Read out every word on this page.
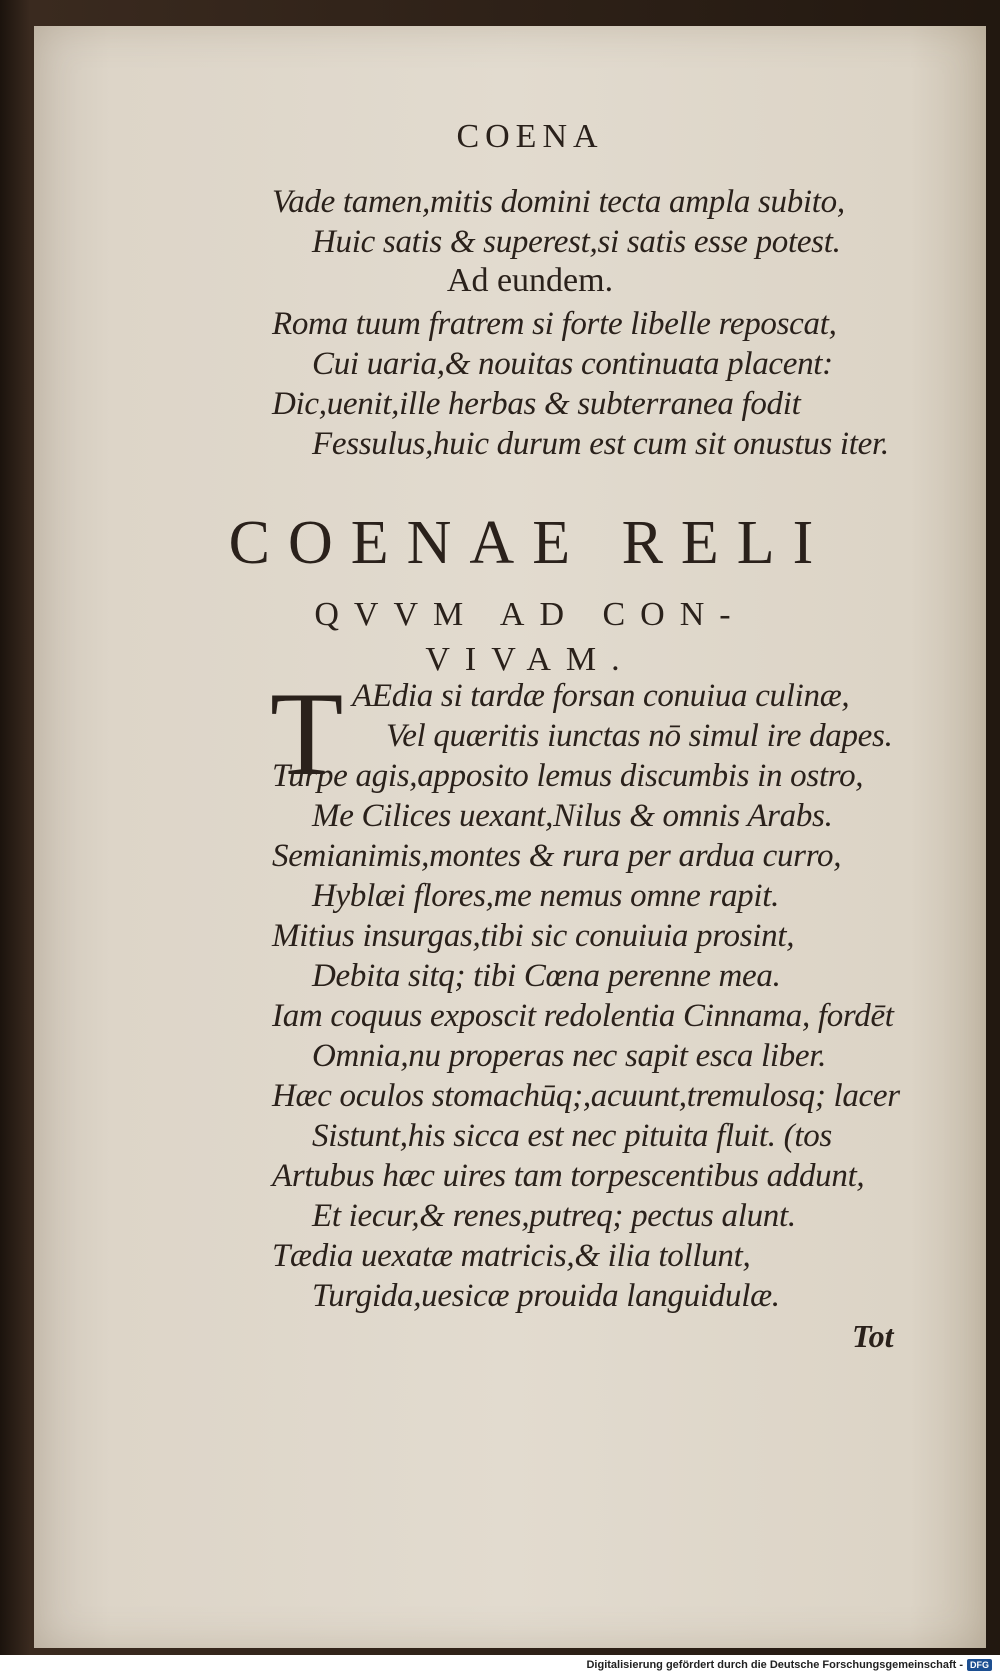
COENA
Vade tamen,mitis domini tecta ampla subito,
Huic satis & superest,si satis esse potest.
Ad eundem.
Roma tuum fratrem si forte libelle reposcat,
Cui uaria,& nouitas continuata placent:
Dic,uenit,ille herbas & subterranea fodit
Fessulus,huic durum est cum sit onustus iter.
COENAE RELI
QVVM AD CON-
VIVAM.
T AEdia si tardæ forsan conuiua culinæ,
Vel quæritis iunctas nō simul ire dapes.
Turpe agis,apposito lemus discumbis in ostro,
Me Cilices uexant,Nilus & omnis Arabs.
Semianimis,montes & rura per ardua curro,
Hyblæi flores,me nemus omne rapit.
Mitius insurgas,tibi sic conuiuia prosint,
Debita sitq; tibi Cœna perenne mea.
Iam coquus exposcit redolentia Cinnama, fordēt
Omnia,nu properas nec sapit esca liber.
Hæc oculos stomachūq;,acuunt,tremulosq; lacer
Sistunt,his sicca est nec pituita fluit. (tos
Artubus hæc uires tam torpescentibus addunt,
Et iecur,& renes,putreq; pectus alunt.
Tædia uexatæ matricis,& ilia tollunt,
Turgida,uesicæ prouida languidulæ.
Tot
Digitalisierung gefördert durch die Deutsche Forschungsgemeinschaft - DFG
